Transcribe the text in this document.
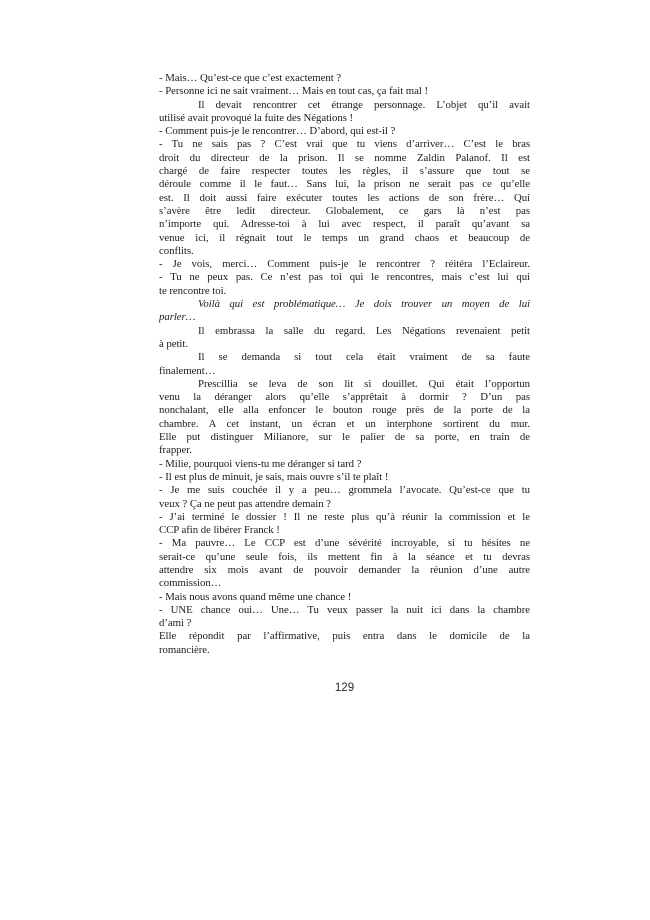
- Mais… Qu’est-ce que c’est exactement ?
- Personne ici ne sait vraiment… Mais en tout cas, ça fait mal !
Il devait rencontrer cet étrange personnage. L’objet qu’il avait
utilisé avait provoqué la fuite des Négations !
- Comment puis-je le rencontrer… D’abord, qui est-il ?
- Tu ne sais pas ? C’est vrai que tu viens d’arriver… C’est le bras
droit du directeur de la prison. Il se nomme Zaldin Palanof. Il est
chargé de faire respecter toutes les règles, il s’assure que tout se
déroule comme il le faut… Sans lui, la prison ne serait pas ce qu’elle
est. Il doit aussi faire exécuter toutes les actions de son frère… Qui
s’avère être ledit directeur. Globalement, ce gars là n’est pas
n’importe qui. Adresse-toi à lui avec respect, il paraît qu’avant sa
venue ici, il régnait tout le temps un grand chaos et beaucoup de
conflits.
- Je vois, merci… Comment puis-je le rencontrer ? réitéra l’Eclaireur.
- Tu ne peux pas. Ce n’est pas toi qui le rencontres, mais c’est lui qui
te rencontre toi.
Voilà qui est problématique… Je dois trouver un moyen de lui
parler…
Il embrassa la salle du regard. Les Négations revenaient petit
à petit.
Il se demanda si tout cela était vraiment de sa faute
finalement…
Prescillia se leva de son lit si douillet. Qui était l’opportun
venu la déranger alors qu’elle s’apprêtait à dormir ? D’un pas
nonchalant, elle alla enfoncer le bouton rouge près de la porte de la
chambre. A cet instant, un écran et un interphone sortirent du mur.
Elle put distinguer Milianore, sur le palier de sa porte, en train de
frapper.
- Milie, pourquoi viens-tu me déranger si tard ?
- Il est plus de minuit, je sais, mais ouvre s’il te plaît !
- Je me suis couchée il y a peu… grommela l’avocate. Qu’est-ce que tu
veux ? Ça ne peut pas attendre demain ?
- J’ai terminé le dossier ! Il ne reste plus qu’à réunir la commission et le
CCP afin de libérer Franck !
- Ma pauvre… Le CCP est d’une sévérité incroyable, si tu hésites ne
serait-ce qu’une seule fois, ils mettent fin à la séance et tu devras
attendre six mois avant de pouvoir demander la réunion d’une autre
commission…
- Mais nous avons quand même une chance !
- UNE chance oui… Une… Tu veux passer la nuit ici dans la chambre
d’ami ?
Elle répondit par l’affirmative, puis entra dans le domicile de la
romancière.
129
